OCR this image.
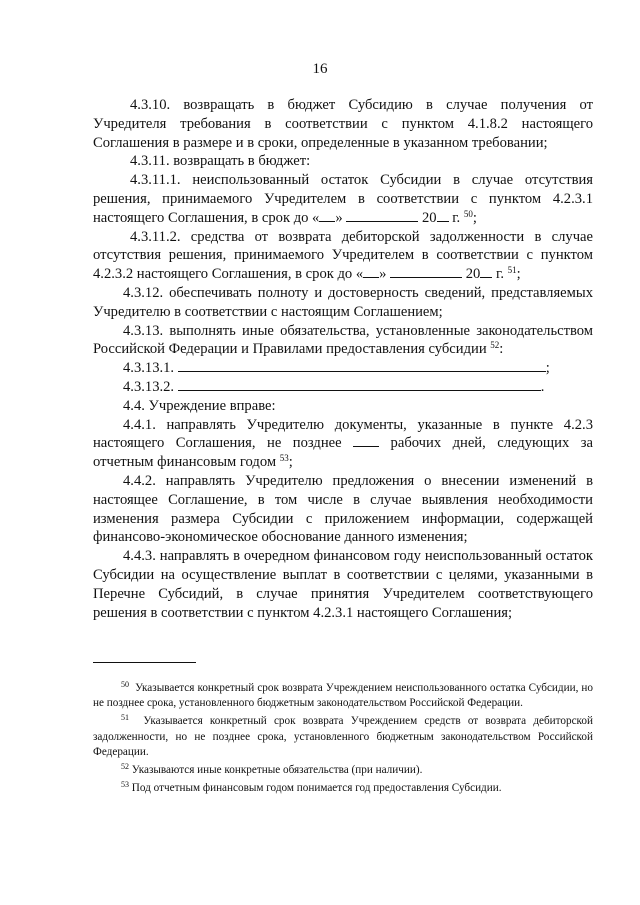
16

4.3.10. возвращать в бюджет Субсидию в случае получения от Учредителя требования в соответствии с пунктом 4.1.8.2 настоящего Соглашения в размере и в сроки, определенные в указанном требовании;

4.3.11. возвращать в бюджет:

4.3.11.1. неиспользованный остаток Субсидии в случае отсутствия решения, принимаемого Учредителем в соответствии с пунктом 4.2.3.1 настоящего Соглашения, в срок до « »	20 г. $^{50}$;

4.3.11.2. средства от возврата дебиторской задолженности в случае отсутствия решения, принимаемого Учредителем в соответствии с пунктом 4.2.3.2 настоящего Соглашения, в срок до « »	20 г. $^{51}$;

4.3.12. обеспечивать полноту и достоверность сведений, представляемых Учредителю в соответствии с настоящим Соглашением;

4.3.13. выполнять иные обязательства, установленные законодательством Российской Федерации и Правилами предоставления субсидии $^{52}$:

4.3.13.1.	;

4.3.13.2.	.

4.4. Учреждение вправе:

4.4.1. направлять Учредителю документы, указанные в пункте 4.2.3 настоящего Соглашения, не позднее  рабочих дней, следующих за отчетным финансовым годом $^{53}$;

4.4.2. направлять Учредителю предложения о внесении изменений в настоящее Соглашение, в том числе в случае выявления необходимости изменения размера Субсидии с приложением информации, содержащей финансово-экономическое обоснование данного изменения;

4.4.3. направлять в очередном финансовом году неиспользованный остаток Субсидии на осуществление выплат в соответствии с целями, указанными в Перечне Субсидий, в случае принятия Учредителем соответствующего решения в соответствии с пунктом 4.2.3.1 настоящего Соглашения;

$^{50}$ Указывается конкретный срок возврата Учреждением неиспользованного остатка Субсидии, но не позднее срока, установленного бюджетным законодательством Российской Федерации.

$^{51}$ Указывается конкретный срок возврата Учреждением средств от возврата дебиторской задолженности, но не позднее срока, установленного бюджетным законодательством Российской Федерации.

$^{52}$ Указываются иные конкретные обязательства (при наличии).

$^{53}$ Под отчетным финансовым годом понимается год предоставления Субсидии.
